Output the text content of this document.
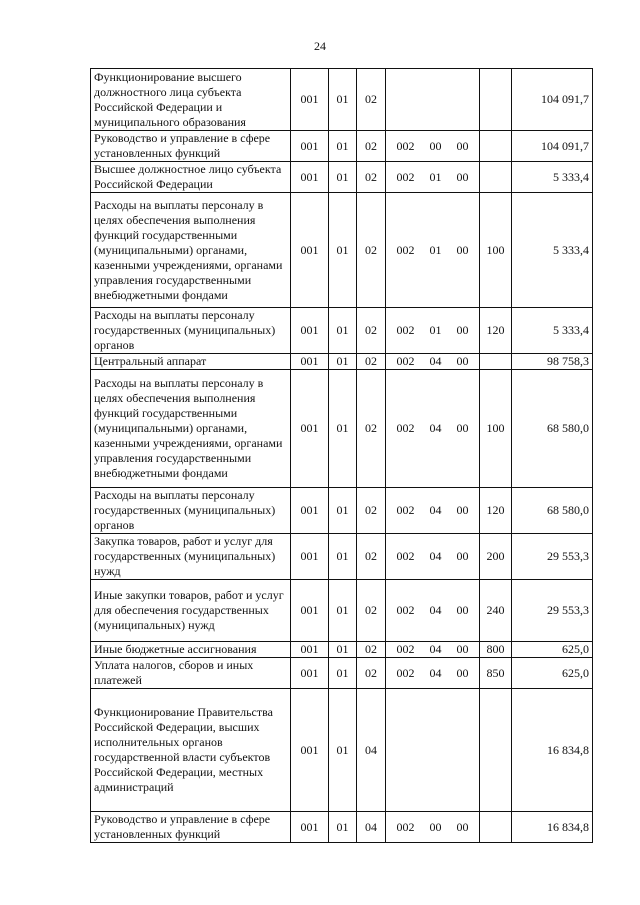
24
Функционирование высшего должностного лица субъекта Российской Федерации и муниципального образования	001	01	02			104 091,7
Руководство и управление в сфере установленных функций	001	01	02	002 00 00		104 091,7
Высшее должностное лицо субъекта Российской Федерации	001	01	02	002 01 00		5 333,4
Расходы на выплаты персоналу в целях обеспечения выполнения функций государственными (муниципальными) органами, казенными учреждениями, органами управления государственными внебюджетными фондами	001	01	02	002 01 00	100	5 333,4
Расходы на выплаты персоналу государственных (муниципальных) органов	001	01	02	002 01 00	120	5 333,4
Центральный аппарат	001	01	02	002 04 00		98 758,3
Расходы на выплаты персоналу в целях обеспечения выполнения функций государственными (муниципальными) органами, казенными учреждениями, органами управления государственными внебюджетными фондами	001	01	02	002 04 00	100	68 580,0
Расходы на выплаты персоналу государственных (муниципальных) органов	001	01	02	002 04 00	120	68 580,0
Закупка товаров, работ и услуг для государственных (муниципальных) нужд	001	01	02	002 04 00	200	29 553,3
Иные закупки товаров, работ и услуг для обеспечения государственных (муниципальных) нужд	001	01	02	002 04 00	240	29 553,3
Иные бюджетные ассигнования	001	01	02	002 04 00	800	625,0
Уплата налогов, сборов и иных платежей	001	01	02	002 04 00	850	625,0
Функционирование Правительства Российской Федерации, высших исполнительных органов государственной власти субъектов Российской Федерации, местных администраций	001	01	04			16 834,8
Руководство и управление в сфере установленных функций	001	01	04	002 00 00		16 834,8
